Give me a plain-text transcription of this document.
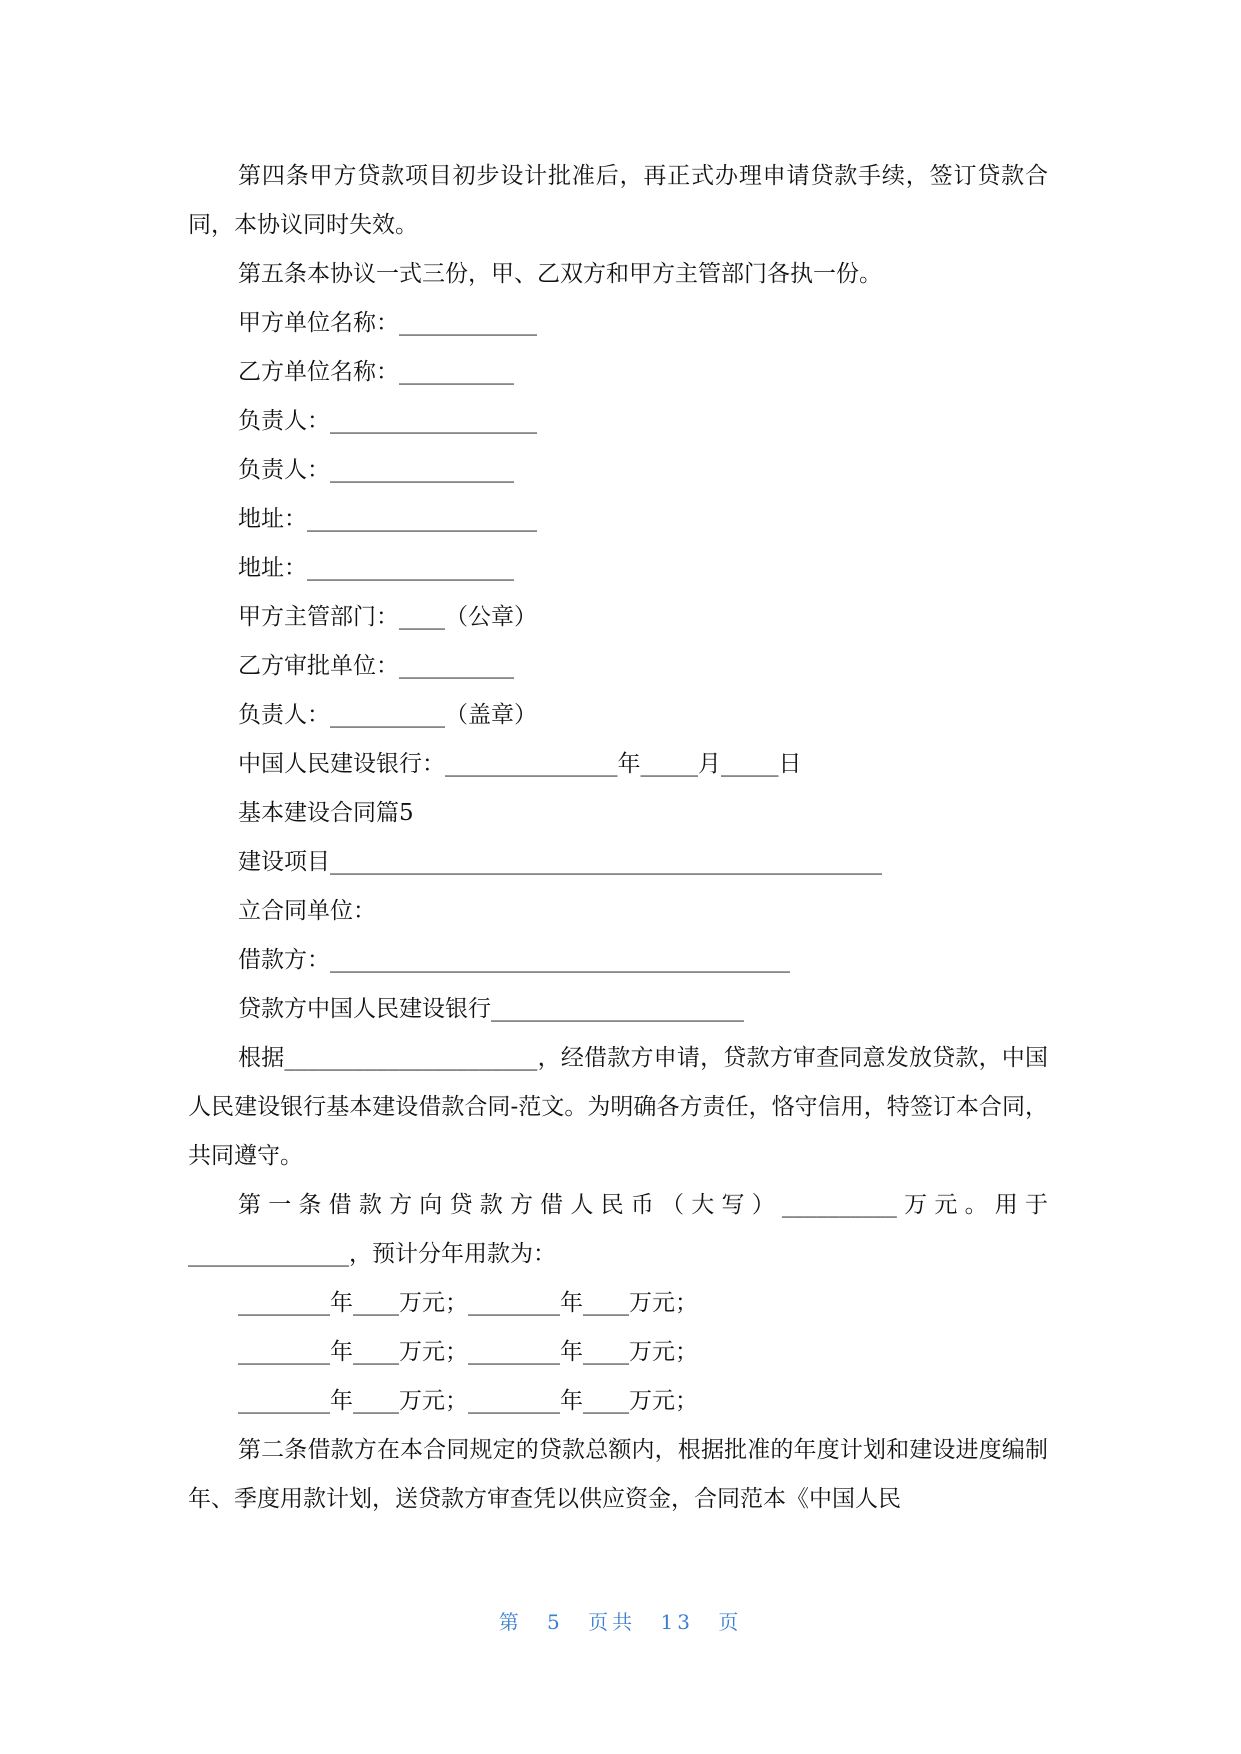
第四条甲方贷款项目初步设计批准后，再正式办理申请贷款手续，签订贷款合同，本协议同时失效。

第五条本协议一式三份，甲、乙双方和甲方主管部门各执一份。

甲方单位名称：____________

乙方单位名称：__________

负责人：__________________

负责人：________________

地址：____________________

地址：__________________

甲方主管部门：____（公章）

乙方审批单位：__________

负责人：__________（盖章）

中国人民建设银行：_______________年_____月_____日

基本建设合同篇5

建设项目________________________________________________

立合同单位：

借款方：________________________________________

贷款方中国人民建设银行______________________

根据______________________，经借款方申请，贷款方审查同意发放贷款，中国人民建设银行基本建设借款合同-范文。为明确各方责任，恪守信用，特签订本合同，共同遵守。

第一条借款方向贷款方借人民币（大写）__________万元。用于______________，预计分年用款为：

________年____万元；________年____万元；

________年____万元；________年____万元；

________年____万元；________年____万元；

第二条借款方在本合同规定的贷款总额内，根据批准的年度计划和建设进度编制年、季度用款计划，送贷款方审查凭以供应资金，合同范本《中国人民

第 5 页共 13 页
